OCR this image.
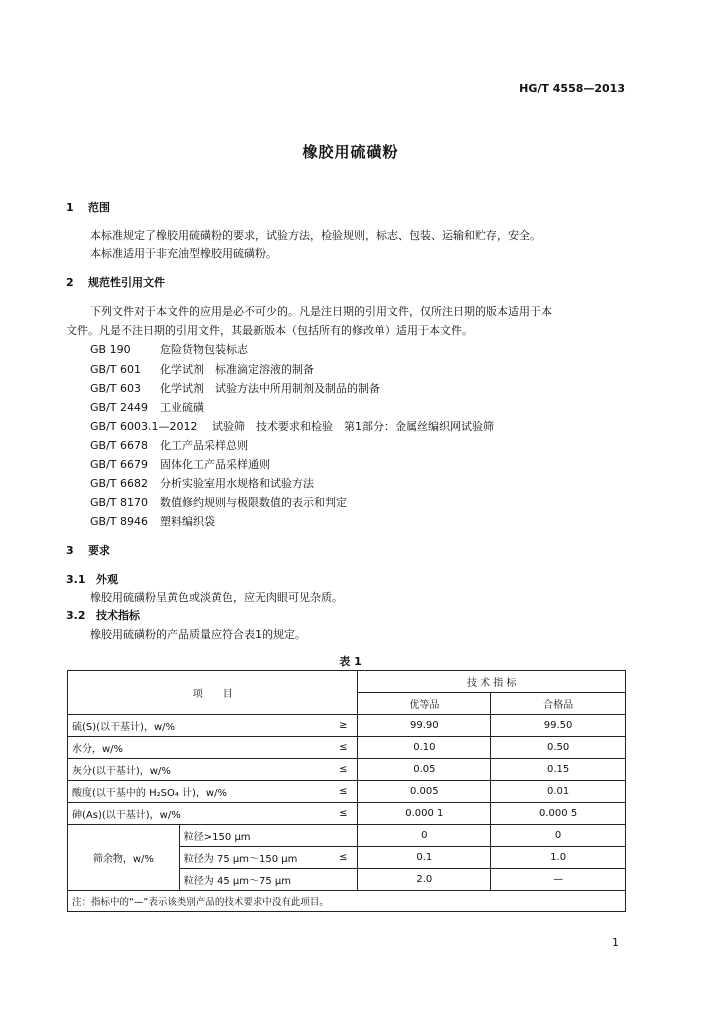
HG/T 4558—2013
橡胶用硫磺粉
1 范围
本标准规定了橡胶用硫磺粉的要求，试验方法，检验规则，标志、包装、运输和贮存，安全。
本标准适用于非充油型橡胶用硫磺粉。
2 规范性引用文件
下列文件对于本文件的应用是必不可少的。凡是注日期的引用文件，仅所注日期的版本适用于本
文件。凡是不注日期的引用文件，其最新版本（包括所有的修改单）适用于本文件。
GB 190	危险货物包装标志
GB/T 601 化学试剂　标准滴定溶液的制备
GB/T 603 化学试剂　试验方法中所用制剂及制品的制备
GB/T 2449 工业硫磺
GB/T 6003.1—2012 试验筛　技术要求和检验　第1部分：金属丝编织网试验筛
GB/T 6678 化工产品采样总则
GB/T 6679 固体化工产品采样通则
GB/T 6682 分析实验室用水规格和试验方法
GB/T 8170 数值修约规则与极限数值的表示和判定
GB/T 8946 塑料编织袋
3 要求
3.1 外观
橡胶用硫磺粉呈黄色或淡黄色，应无肉眼可见杂质。
3.2 技术指标
橡胶用硫磺粉的产品质量应符合表1的规定。
表 1
项　　目		技 术 指 标	
		优等品	合格品

硫(S)(以干基计)，w/% ≥		99.90	99.50

水分，w/% ≤		0.10	0.50

灰分(以干基计)，w/% ≤		0.05	0.15

酸度(以干基中的 H₂SO₄ 计)，w/% ≤		0.005	0.01

砷(As)(以干基计)，w/% ≤		0.000 1	0.000 5
筛余物，w/%	粒径>150 μm	0	0

	粒径为 75 μm～150 μm ≤	0.1	1.0

	粒径为 45 μm～75 μm	2.0	—
注：指标中的“—”表示该类别产品的技术要求中没有此项目。			
1
